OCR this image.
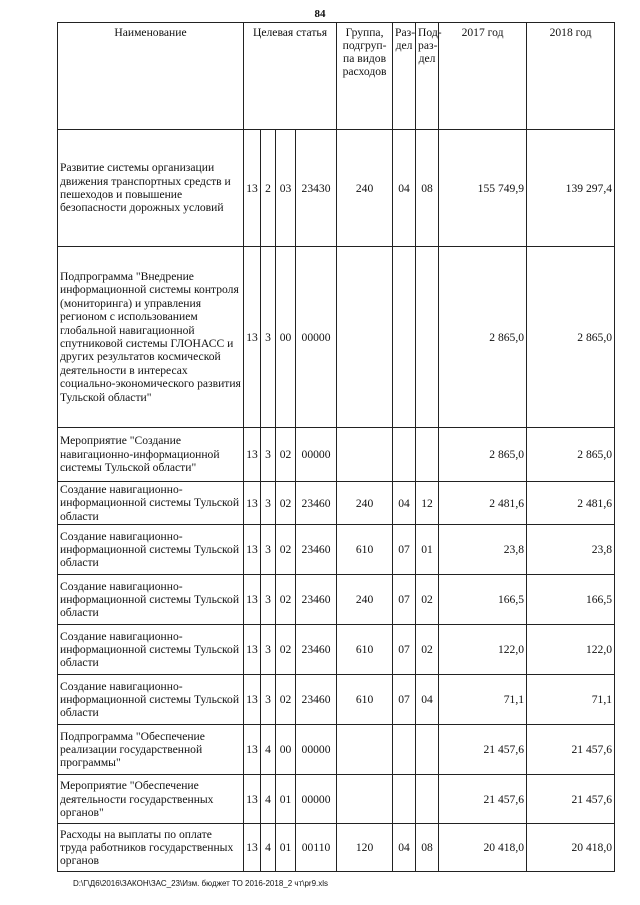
84
Наименование	Целевая статья				Группа, подгруп-па видов расходов	Раз-дел	Под-раз-дел	2017 год	2018 год
Развитие системы организации движения транспортных средств и пешеходов и повышение безопасности дорожных условий	13	2	03	23430	240	04	08	155 749,9	139 297,4
Подпрограмма "Внедрение информационной системы контроля (мониторинга) и управления регионом с использованием глобальной навигационной спутниковой системы ГЛОНАСС и других результатов космической деятельности в интересах социально-экономического развития Тульской области"	13	3	00	00000				2 865,0	2 865,0
Мероприятие "Создание навигационно-информационной системы Тульской области"	13	3	02	00000				2 865,0	2 865,0
Создание навигационно-информационной системы Тульской области	13	3	02	23460	240	04	12	2 481,6	2 481,6
Создание навигационно-информационной системы Тульской области	13	3	02	23460	610	07	01	23,8	23,8
Создание навигационно-информационной системы Тульской области	13	3	02	23460	240	07	02	166,5	166,5
Создание навигационно-информационной системы Тульской области	13	3	02	23460	610	07	02	122,0	122,0
Создание навигационно-информационной системы Тульской области	13	3	02	23460	610	07	04	71,1	71,1
Подпрограмма "Обеспечение реализации государственной программы"	13	4	00	00000				21 457,6	21 457,6
Мероприятие "Обеспечение деятельности государственных органов"	13	4	01	00000				21 457,6	21 457,6
Расходы на выплаты по оплате труда работников государственных органов	13	4	01	00110	120	04	08	20 418,0	20 418,0
D:\Г\Д6\2016\ЗАКОН\ЗАС_23\Изм. бюджет ТО 2016-2018_2 чт\pr9.xls
